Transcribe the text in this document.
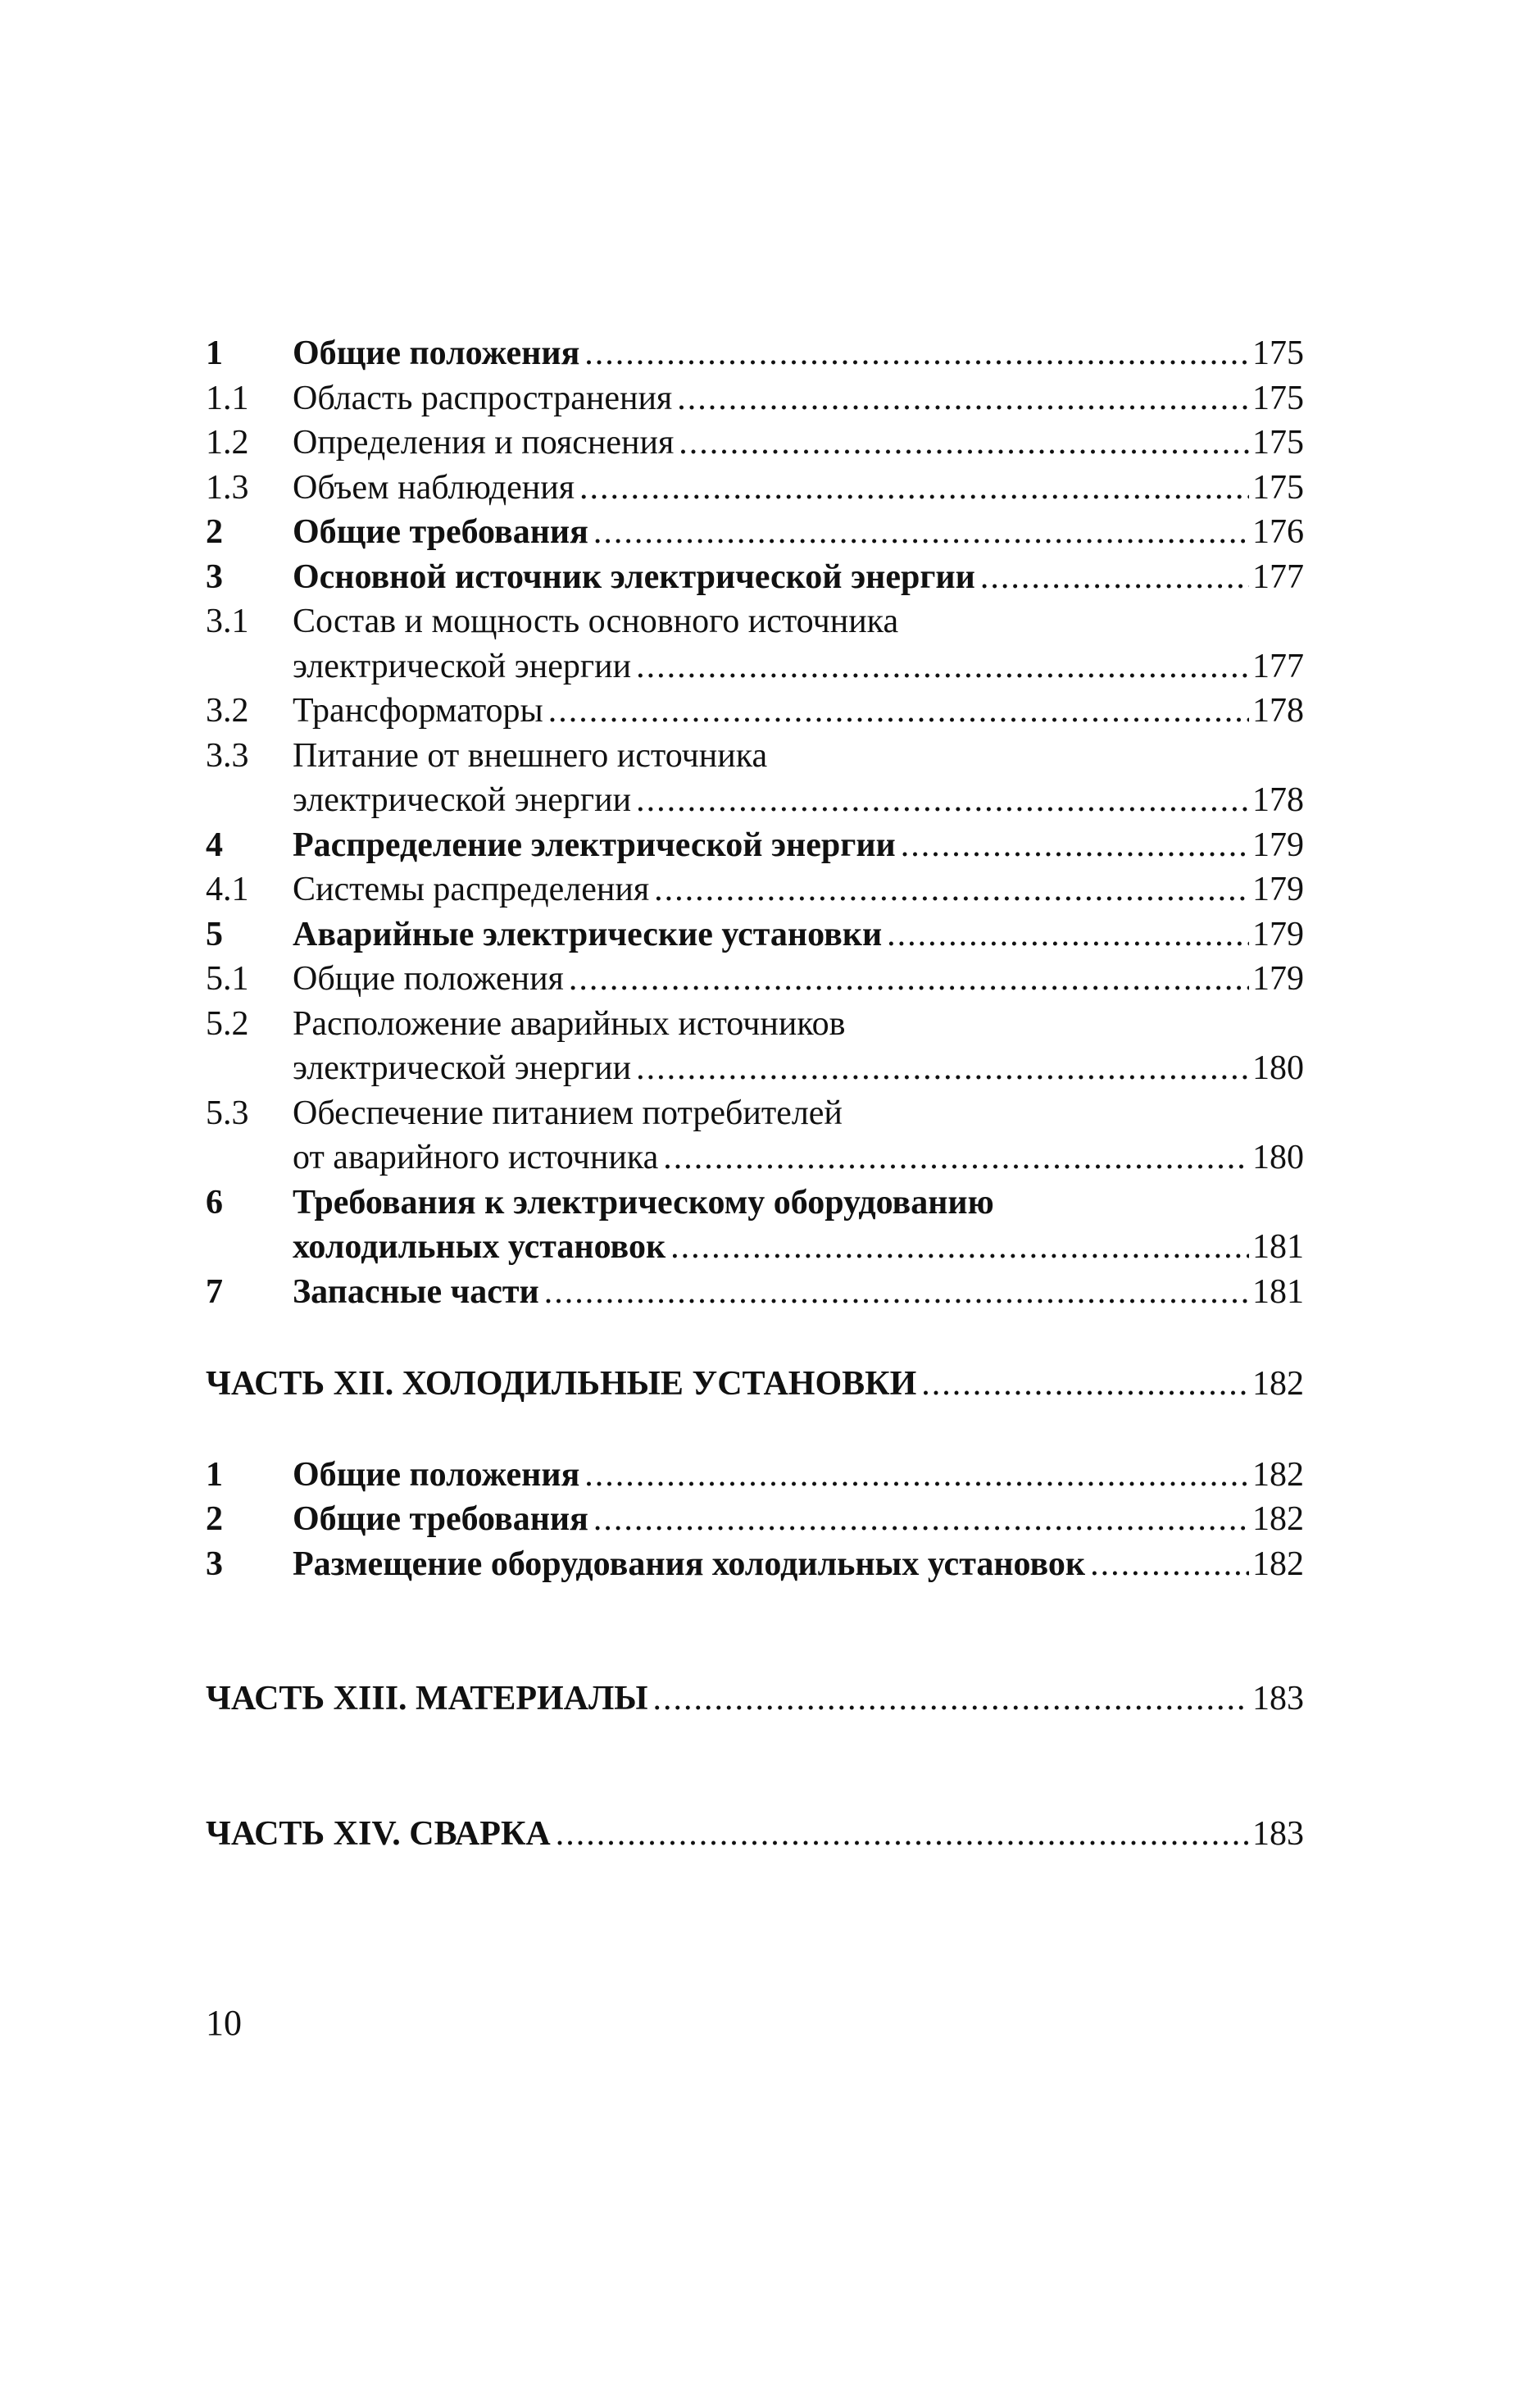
1 Общие положения .....	175
1.1 Область распространения .....	175
1.2 Определения и пояснения .....	175
1.3 Объем наблюдения .....	175
2 Общие требования .....	176
3 Основной источник электрической энергии .....	177
3.1 Состав и мощность основного источника
электрической энергии .....	177
3.2 Трансформаторы .....	178
3.3 Питание от внешнего источника
электрической энергии .....	178
4 Распределение электрической энергии .....	179
4.1 Системы распределения .....	179
5 Аварийные электрические установки .....	179
5.1 Общие положения .....	179
5.2 Расположение аварийных источников
электрической энергии .....	180
5.3 Обеспечение питанием потребителей
от аварийного источника .....	180
6 Требования к электрическому оборудованию
холодильных установок .....	181
7 Запасные части .....	181
ЧАСТЬ XII. ХОЛОДИЛЬНЫЕ УСТАНОВКИ .....	182
1 Общие положения .....	182
2 Общие требования .....	182
3 Размещение оборудования холодильных установок .....	182
ЧАСТЬ XIII. МАТЕРИАЛЫ .....	183
ЧАСТЬ XIV. СВАРКА .....	183
10
